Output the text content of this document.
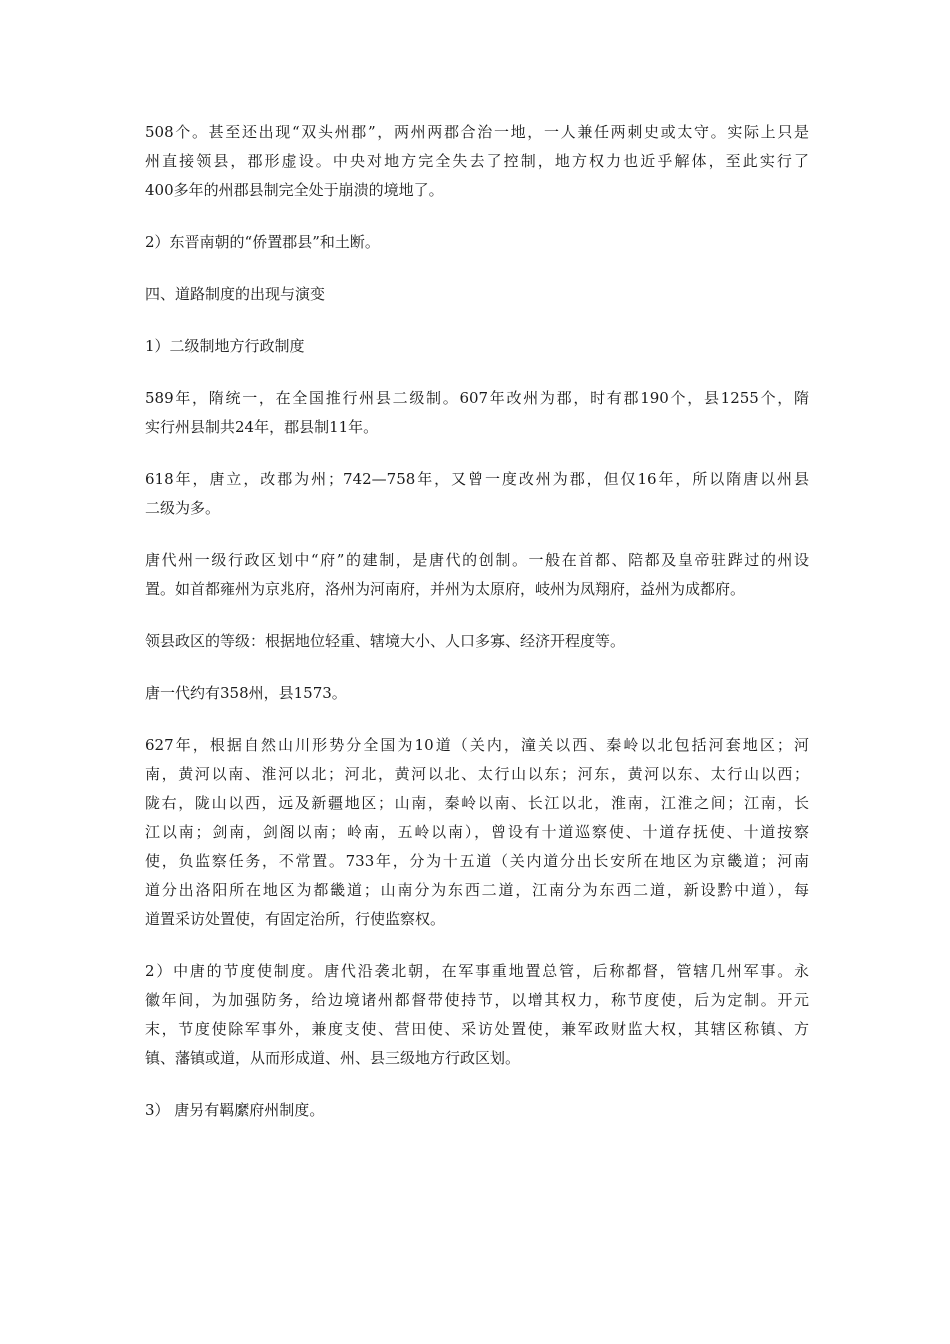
508个。甚至还出现“双头州郡”，两州两郡合治一地，一人兼任两刺史或太守。实际上只是
州直接领县，郡形虚设。中央对地方完全失去了控制，地方权力也近乎解体，至此实行了
400多年的州郡县制完全处于崩溃的境地了。

2）东晋南朝的“侨置郡县”和土断。

四、道路制度的出现与演变

1）二级制地方行政制度

589年，隋统一，在全国推行州县二级制。607年改州为郡，时有郡190个，县1255个，隋
实行州县制共24年，郡县制11年。

618年，唐立，改郡为州；742—758年，又曾一度改州为郡，但仅16年，所以隋唐以州县
二级为多。

唐代州一级行政区划中“府”的建制，是唐代的创制。一般在首都、陪都及皇帝驻跸过的州设
置。如首都雍州为京兆府，洛州为河南府，并州为太原府，岐州为凤翔府，益州为成都府。

领县政区的等级：根据地位轻重、辖境大小、人口多寡、经济开程度等。

唐一代约有358州，县1573。

627年，根据自然山川形势分全国为10道（关内，潼关以西、秦岭以北包括河套地区；河
南，黄河以南、淮河以北；河北，黄河以北、太行山以东；河东，黄河以东、太行山以西；
陇右，陇山以西，远及新疆地区；山南，秦岭以南、长江以北，淮南，江淮之间；江南，长
江以南；剑南，剑阁以南；岭南，五岭以南），曾设有十道巡察使、十道存抚使、十道按察
使，负监察任务，不常置。733年，分为十五道（关内道分出长安所在地区为京畿道；河南
道分出洛阳所在地区为都畿道；山南分为东西二道，江南分为东西二道，新设黔中道），每
道置采访处置使，有固定治所，行使监察权。

2）中唐的节度使制度。唐代沿袭北朝，在军事重地置总管，后称都督，管辖几州军事。永
徽年间，为加强防务，给边境诸州都督带使持节，以增其权力，称节度使，后为定制。开元
末，节度使除军事外，兼度支使、营田使、采访处置使，兼军政财监大权，其辖区称镇、方
镇、藩镇或道，从而形成道、州、县三级地方行政区划。

3） 唐另有羁縻府州制度。
